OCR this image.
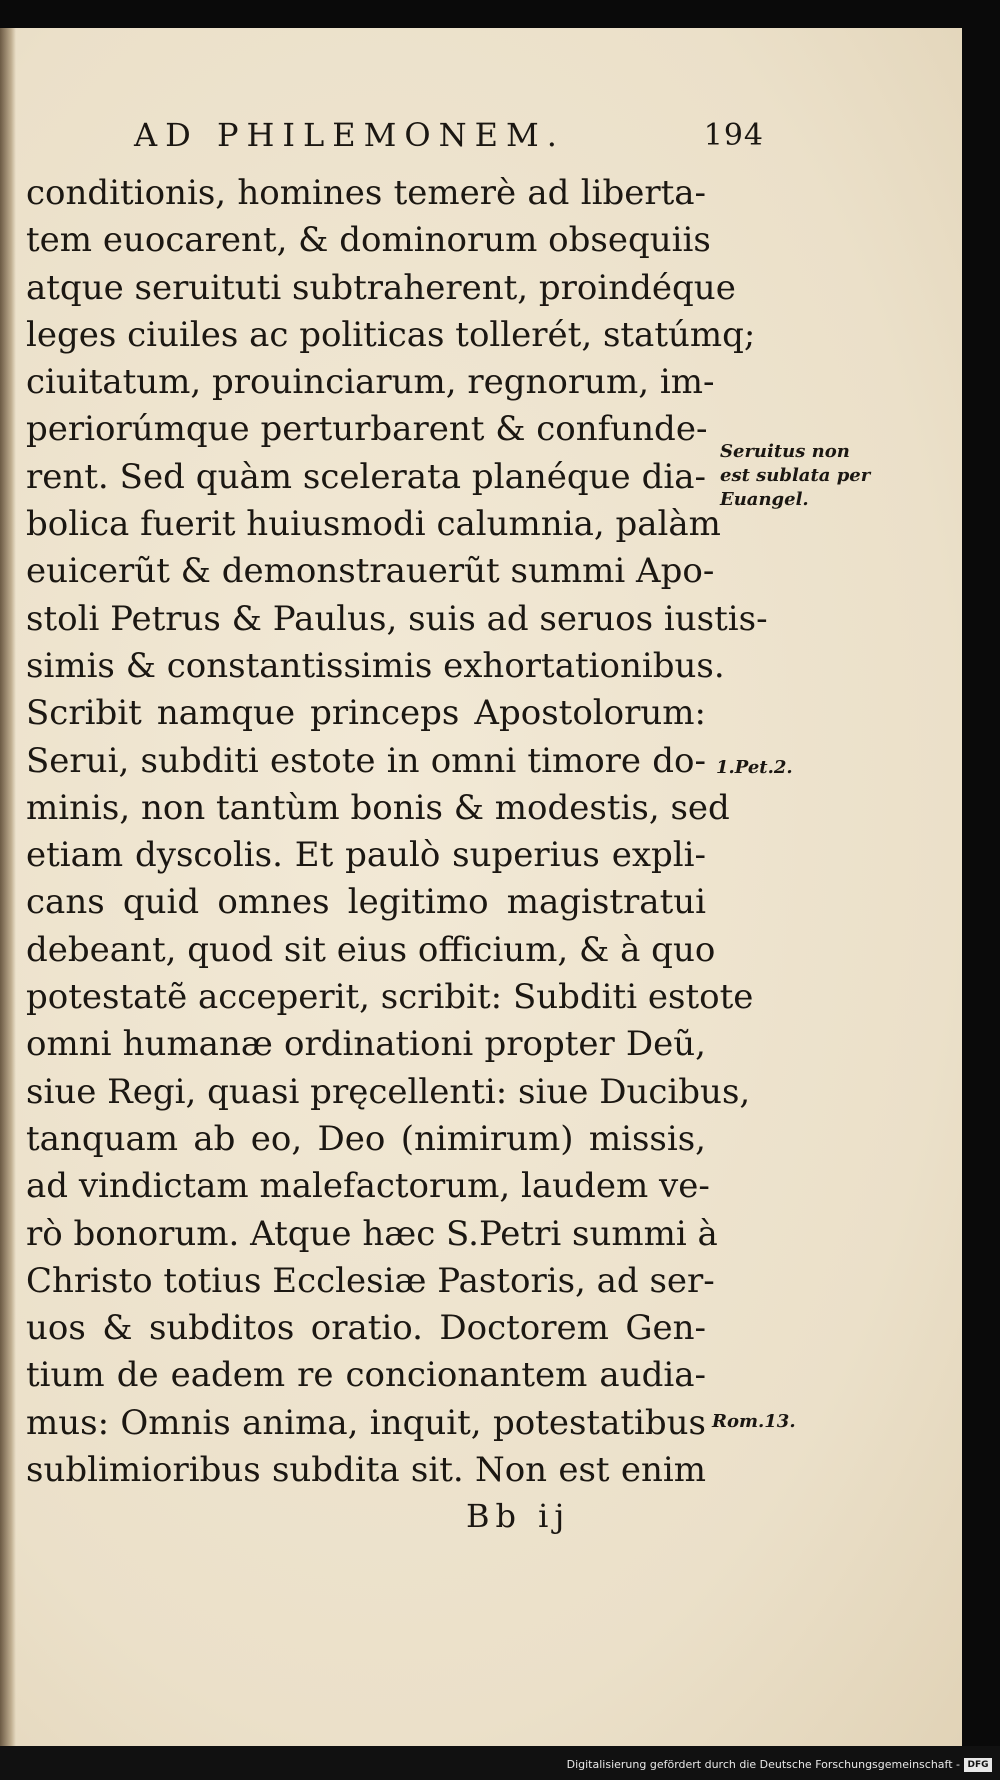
AD PHILEMONEM.	194
conditionis, homines temerè ad liberta-
tem euocarent, & dominorum obsequiis
atque seruituti subtraherent, proindéque
leges ciuiles ac politicas tollerét, statúmq;
ciuitatum, prouinciarum, regnorum, im-
periorúmque perturbarent & confunde-
rent. Sed quàm scelerata planéque dia-
bolica fuerit huiusmodi calumnia, palàm
euicerũt & demonstrauerũt summi Apo-
stoli Petrus & Paulus, suis ad seruos iustis-
simis & constantissimis exhortationibus.
Scribit namque princeps Apostolorum:
Serui, subditi estote in omni timore do-
minis, non tantùm bonis & modestis, sed
etiam dyscolis. Et paulò superius expli-
cans quid omnes legitimo magistratui
debeant, quod sit eius officium, & à quo
potestatẽ acceperit, scribit: Subditi estote
omni humanæ ordinationi propter Deũ,
siue Regi, quasi pręcellenti: siue Ducibus,
tanquam ab eo, Deo (nimirum) missis,
ad vindictam malefactorum, laudem ve-
rò bonorum. Atque hæc S.Petri summi à
Christo totius Ecclesiæ Pastoris, ad ser-
uos & subditos oratio. Doctorem Gen-
tium de eadem re concionantem audia-
mus: Omnis anima, inquit, potestatibus
sublimioribus subdita sit. Non est enim
Seruitus non
est sublata per
Euangel.
1.Pet.2.
Rom.13.
Bb ij
Digitalisierung gefördert durch die Deutsche Forschungsgemeinschaft - DFG
